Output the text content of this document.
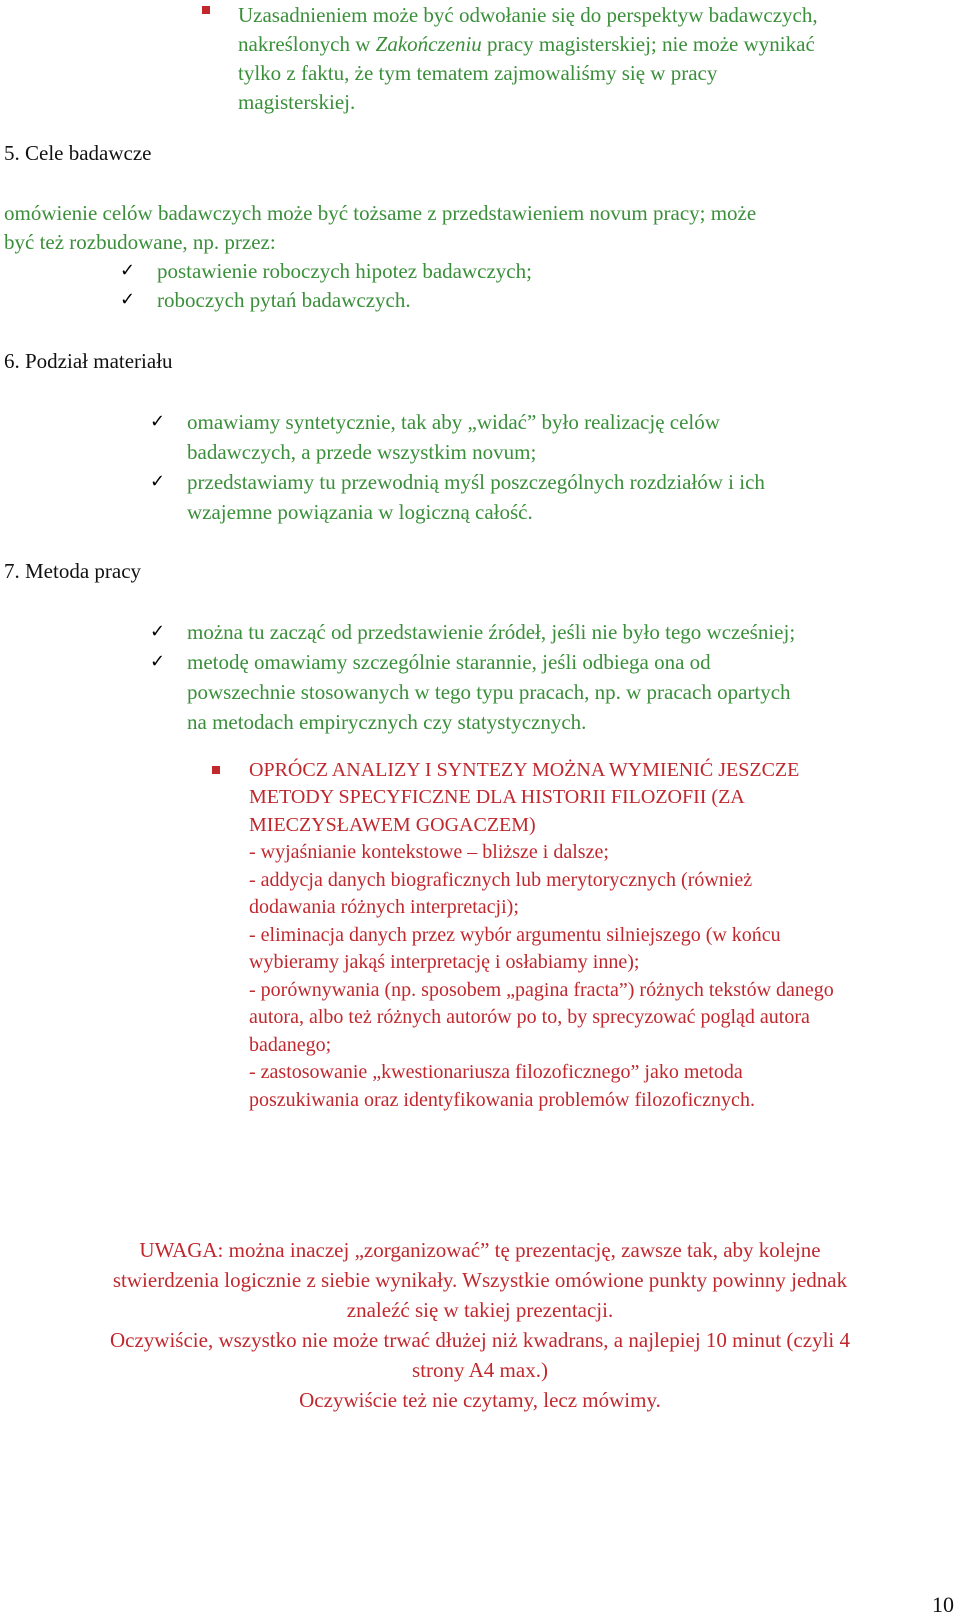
Uzasadnieniem może być odwołanie się do perspektyw badawczych,
nakreślonych w Zakończeniu pracy magisterskiej; nie może wynikać
tylko z faktu, że tym tematem zajmowaliśmy się w pracy
magisterskiej.
5. Cele badawcze
omówienie celów badawczych może być tożsame z przedstawieniem novum pracy; może
być też rozbudowane, np. przez:
✓ postawienie roboczych hipotez badawczych;
✓ roboczych pytań badawczych.
6. Podział materiału
✓ omawiamy syntetycznie, tak aby „widać” było realizację celów
badawczych, a przede wszystkim novum;
✓ przedstawiamy tu przewodnią myśl poszczególnych rozdziałów i ich
wzajemne powiązania w logiczną całość.
7. Metoda pracy
✓ można tu zacząć od przedstawienie źródeł, jeśli nie było tego wcześniej;
✓ metodę omawiamy szczególnie starannie, jeśli odbiega ona od
powszechnie stosowanych w tego typu pracach, np. w pracach opartych
na metodach empirycznych czy statystycznych.
OPRÓCZ ANALIZY I SYNTEZY MOŻNA WYMIENIĆ JESZCZE
METODY SPECYFICZNE DLA HISTORII FILOZOFII (ZA
MIECZYSŁAWEM GOGACZEM)
- wyjaśnianie kontekstowe – bliższe i dalsze;
- addycja danych biograficznych lub merytorycznych (również
dodawania różnych interpretacji);
- eliminacja danych przez wybór argumentu silniejszego (w końcu
wybieramy jakąś interpretację i osłabiamy inne);
- porównywania (np. sposobem „pagina fracta”) różnych tekstów danego
autora, albo też różnych autorów po to, by sprecyzować pogląd autora
badanego;
- zastosowanie „kwestionariusza filozoficznego” jako metoda
poszukiwania oraz identyfikowania problemów filozoficznych.
UWAGA: można inaczej „zorganizować” tę prezentację, zawsze tak, aby kolejne
stwierdzenia logicznie z siebie wynikały. Wszystkie omówione punkty powinny jednak
znaleźć się w takiej prezentacji.
Oczywiście, wszystko nie może trwać dłużej niż kwadrans, a najlepiej 10 minut (czyli 4
strony A4 max.)
Oczywiście też nie czytamy, lecz mówimy.
10
